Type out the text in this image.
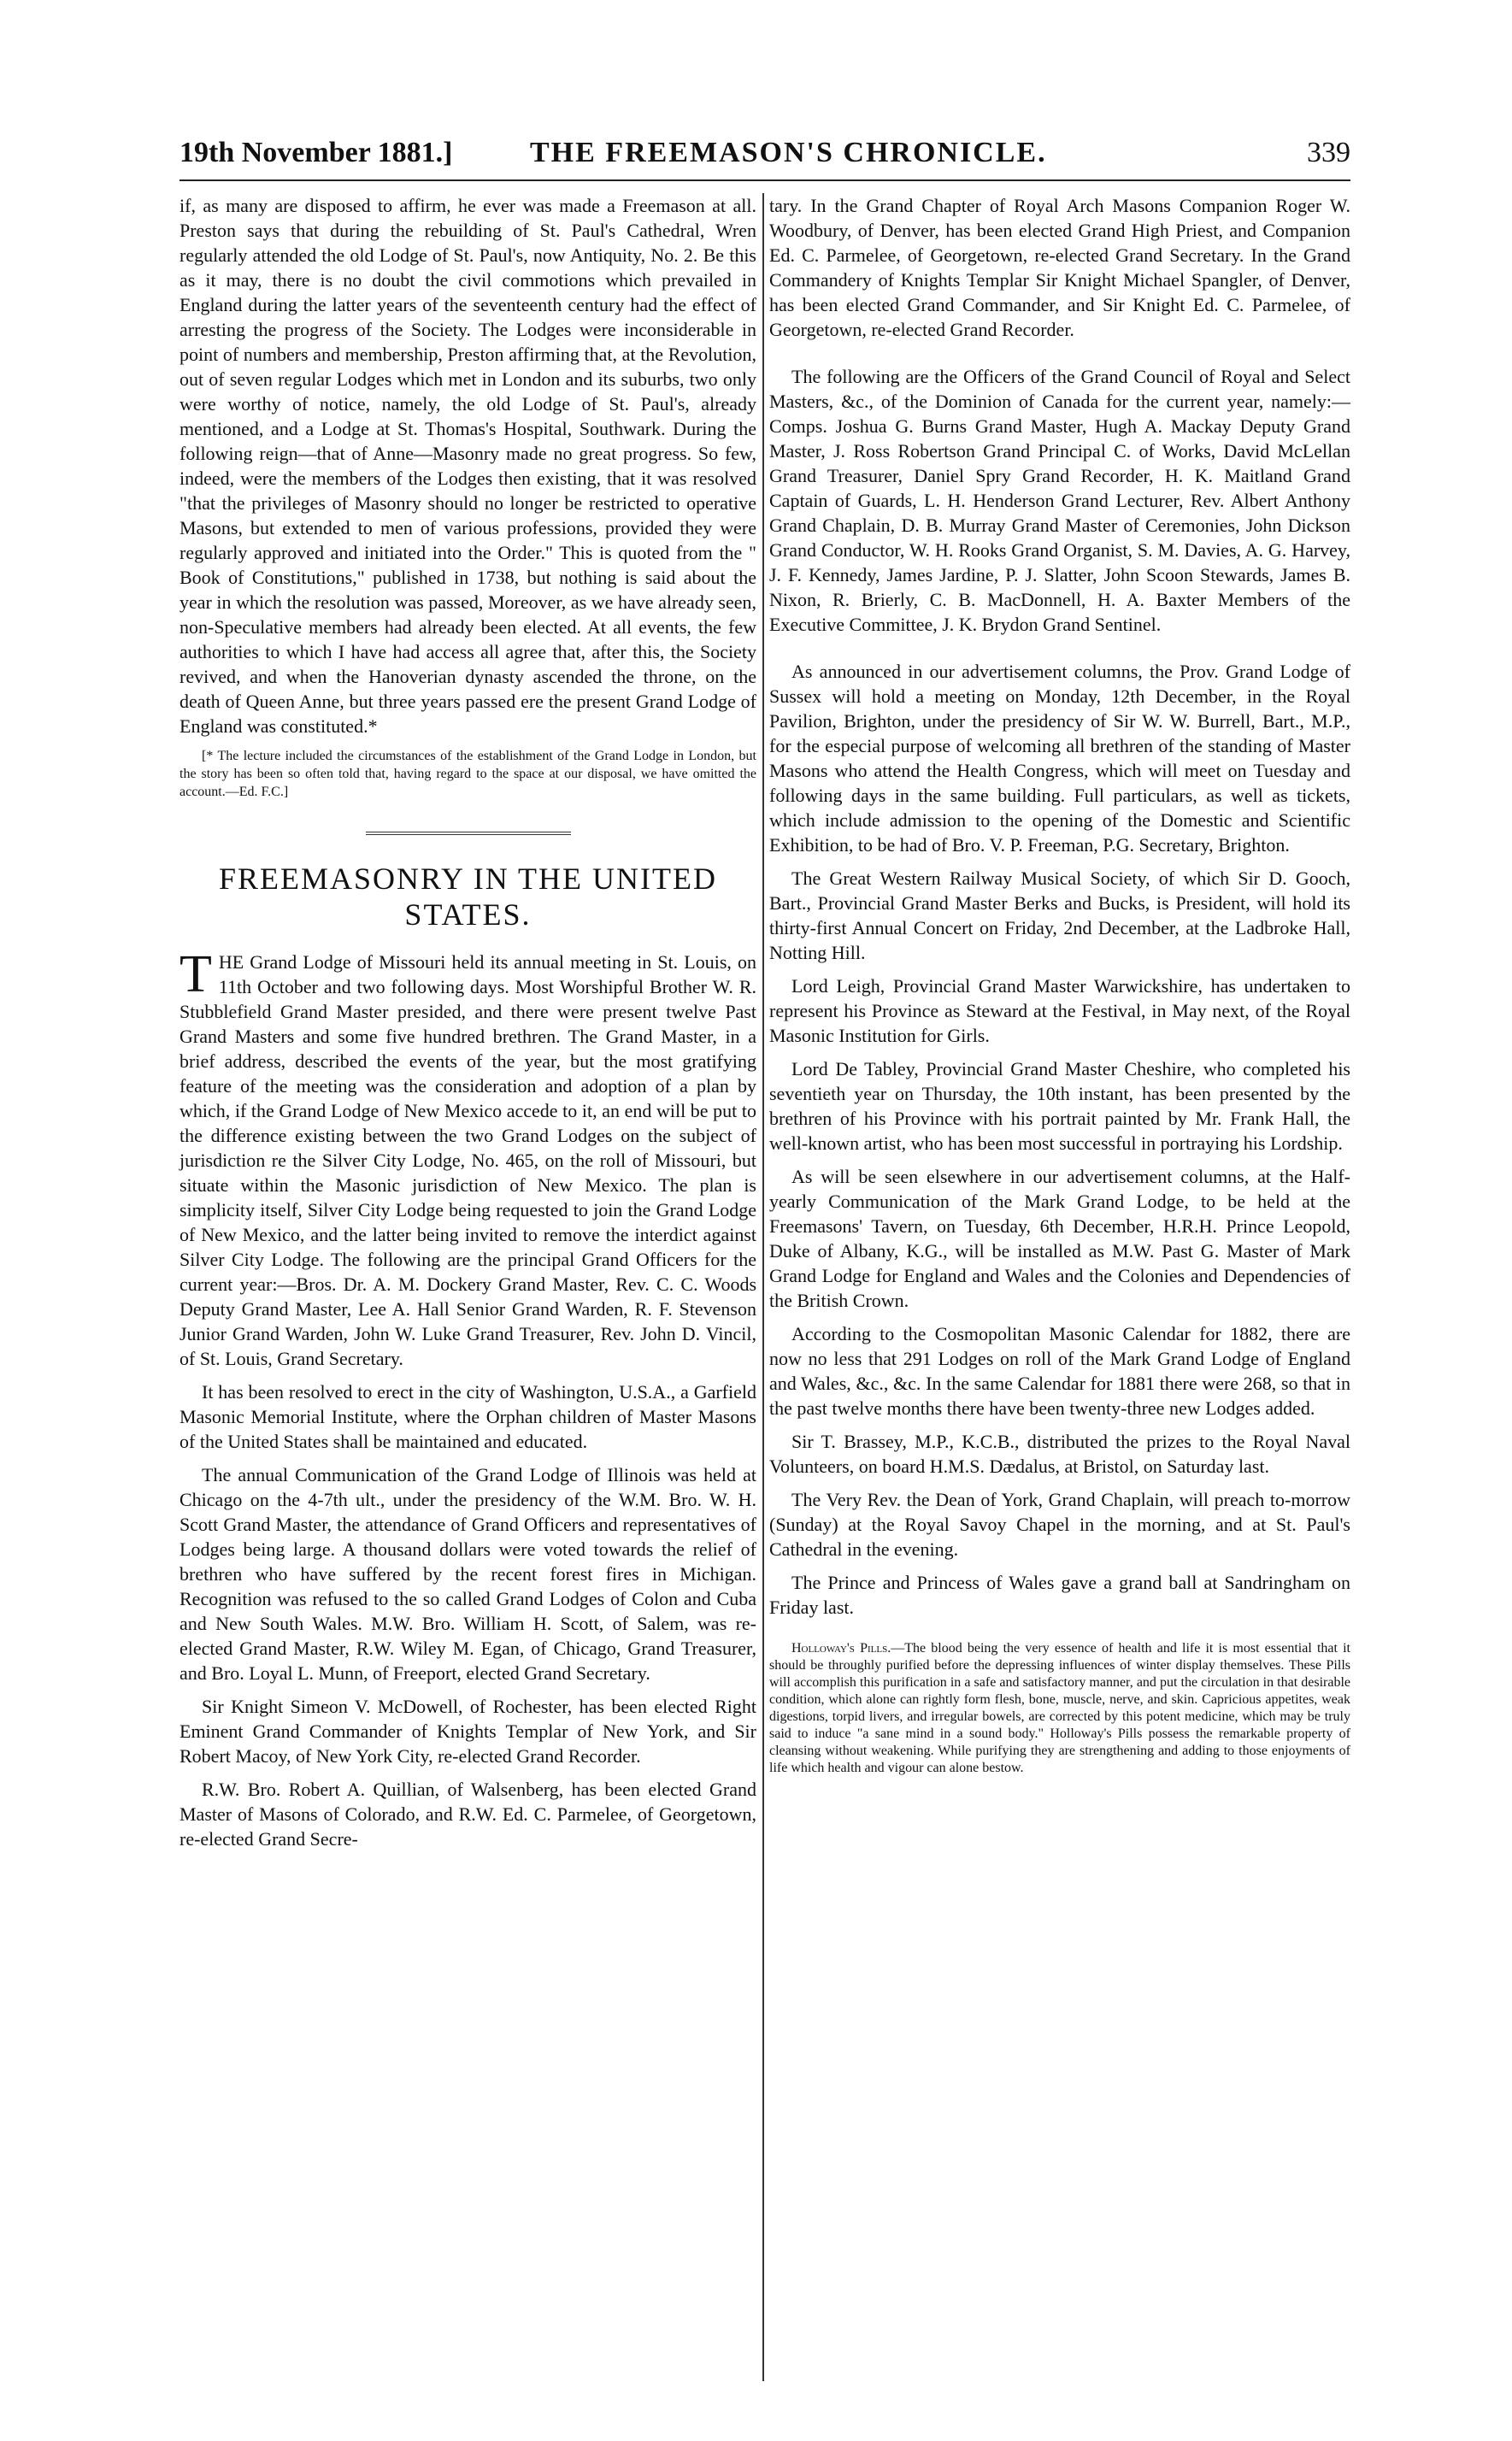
19th November 1881.]	THE FREEMASON'S CHRONICLE.	339

if, as many are disposed to affirm, he ever was made a Freemason at all. Preston says that during the rebuilding of St. Paul's Cathedral, Wren regularly attended the old Lodge of St. Paul's, now Antiquity, No. 2. Be this as it may, there is no doubt the civil commotions which prevailed in England during the latter years of the seventeenth century had the effect of arresting the progress of the Society. The Lodges were inconsiderable in point of numbers and membership, Preston affirming that, at the Revolution, out of seven regular Lodges which met in London and its suburbs, two only were worthy of notice, namely, the old Lodge of St. Paul's, already mentioned, and a Lodge at St. Thomas's Hospital, Southwark. During the following reign—that of Anne—Masonry made no great progress. So few, indeed, were the members of the Lodges then existing, that it was resolved "that the privileges of Masonry should no longer be restricted to operative Masons, but extended to men of various professions, provided they were regularly approved and initiated into the Order." This is quoted from the " Book of Constitutions," published in 1738, but nothing is said about the year in which the resolution was passed, Moreover, as we have already seen, non-Speculative members had already been elected. At all events, the few authorities to which I have had access all agree that, after this, the Society revived, and when the Hanoverian dynasty ascended the throne, on the death of Queen Anne, but three years passed ere the present Grand Lodge of England was constituted.*

[* The lecture included the circumstances of the establishment of the Grand Lodge in London, but the story has been so often told that, having regard to the space at our disposal, we have omitted the account.—Ed. F.C.]

FREEMASONRY IN THE UNITED STATES.

THE Grand Lodge of Missouri held its annual meeting in St. Louis, on 11th October and two following days. Most Worshipful Brother W. R. Stubblefield Grand Master presided, and there were present twelve Past Grand Masters and some five hundred brethren. The Grand Master, in a brief address, described the events of the year, but the most gratifying feature of the meeting was the consideration and adoption of a plan by which, if the Grand Lodge of New Mexico accede to it, an end will be put to the difference existing between the two Grand Lodges on the subject of jurisdiction re the Silver City Lodge, No. 465, on the roll of Missouri, but situate within the Masonic jurisdiction of New Mexico. The plan is simplicity itself, Silver City Lodge being requested to join the Grand Lodge of New Mexico, and the latter being invited to remove the interdict against Silver City Lodge. The following are the principal Grand Officers for the current year:—Bros. Dr. A. M. Dockery Grand Master, Rev. C. C. Woods Deputy Grand Master, Lee A. Hall Senior Grand Warden, R. F. Stevenson Junior Grand Warden, John W. Luke Grand Treasurer, Rev. John D. Vincil, of St. Louis, Grand Secretary.

It has been resolved to erect in the city of Washington, U.S.A., a Garfield Masonic Memorial Institute, where the Orphan children of Master Masons of the United States shall be maintained and educated.

The annual Communication of the Grand Lodge of Illinois was held at Chicago on the 4-7th ult., under the presidency of the W.M. Bro. W. H. Scott Grand Master, the attendance of Grand Officers and representatives of Lodges being large. A thousand dollars were voted towards the relief of brethren who have suffered by the recent forest fires in Michigan. Recognition was refused to the so called Grand Lodges of Colon and Cuba and New South Wales. M.W. Bro. William H. Scott, of Salem, was re-elected Grand Master, R.W. Wiley M. Egan, of Chicago, Grand Treasurer, and Bro. Loyal L. Munn, of Freeport, elected Grand Secretary.

Sir Knight Simeon V. McDowell, of Rochester, has been elected Right Eminent Grand Commander of Knights Templar of New York, and Sir Robert Macoy, of New York City, re-elected Grand Recorder.

R.W. Bro. Robert A. Quillian, of Walsenberg, has been elected Grand Master of Masons of Colorado, and R.W. Ed. C. Parmelee, of Georgetown, re-elected Grand Secre-

tary. In the Grand Chapter of Royal Arch Masons Companion Roger W. Woodbury, of Denver, has been elected Grand High Priest, and Companion Ed. C. Parmelee, of Georgetown, re-elected Grand Secretary. In the Grand Commandery of Knights Templar Sir Knight Michael Spangler, of Denver, has been elected Grand Commander, and Sir Knight Ed. C. Parmelee, of Georgetown, re-elected Grand Recorder.

The following are the Officers of the Grand Council of Royal and Select Masters, &c., of the Dominion of Canada for the current year, namely:—Comps. Joshua G. Burns Grand Master, Hugh A. Mackay Deputy Grand Master, J. Ross Robertson Grand Principal C. of Works, David McLellan Grand Treasurer, Daniel Spry Grand Recorder, H. K. Maitland Grand Captain of Guards, L. H. Henderson Grand Lecturer, Rev. Albert Anthony Grand Chaplain, D. B. Murray Grand Master of Ceremonies, John Dickson Grand Conductor, W. H. Rooks Grand Organist, S. M. Davies, A. G. Harvey, J. F. Kennedy, James Jardine, P. J. Slatter, John Scoon Stewards, James B. Nixon, R. Brierly, C. B. MacDonnell, H. A. Baxter Members of the Executive Committee, J. K. Brydon Grand Sentinel.

As announced in our advertisement columns, the Prov. Grand Lodge of Sussex will hold a meeting on Monday, 12th December, in the Royal Pavilion, Brighton, under the presidency of Sir W. W. Burrell, Bart., M.P., for the especial purpose of welcoming all brethren of the standing of Master Masons who attend the Health Congress, which will meet on Tuesday and following days in the same building. Full particulars, as well as tickets, which include admission to the opening of the Domestic and Scientific Exhibition, to be had of Bro. V. P. Freeman, P.G. Secretary, Brighton.

The Great Western Railway Musical Society, of which Sir D. Gooch, Bart., Provincial Grand Master Berks and Bucks, is President, will hold its thirty-first Annual Concert on Friday, 2nd December, at the Ladbroke Hall, Notting Hill.

Lord Leigh, Provincial Grand Master Warwickshire, has undertaken to represent his Province as Steward at the Festival, in May next, of the Royal Masonic Institution for Girls.

Lord De Tabley, Provincial Grand Master Cheshire, who completed his seventieth year on Thursday, the 10th instant, has been presented by the brethren of his Province with his portrait painted by Mr. Frank Hall, the well-known artist, who has been most successful in portraying his Lordship.

As will be seen elsewhere in our advertisement columns, at the Half-yearly Communication of the Mark Grand Lodge, to be held at the Freemasons' Tavern, on Tuesday, 6th December, H.R.H. Prince Leopold, Duke of Albany, K.G., will be installed as M.W. Past G. Master of Mark Grand Lodge for England and Wales and the Colonies and Dependencies of the British Crown.

According to the Cosmopolitan Masonic Calendar for 1882, there are now no less that 291 Lodges on roll of the Mark Grand Lodge of England and Wales, &c., &c. In the same Calendar for 1881 there were 268, so that in the past twelve months there have been twenty-three new Lodges added.

Sir T. Brassey, M.P., K.C.B., distributed the prizes to the Royal Naval Volunteers, on board H.M.S. Dædalus, at Bristol, on Saturday last.

The Very Rev. the Dean of York, Grand Chaplain, will preach to-morrow (Sunday) at the Royal Savoy Chapel in the morning, and at St. Paul's Cathedral in the evening.

The Prince and Princess of Wales gave a grand ball at Sandringham on Friday last.

Holloway's Pills.—The blood being the very essence of health and life it is most essential that it should be throughly purified before the depressing influences of winter display themselves. These Pills will accomplish this purification in a safe and satisfactory manner, and put the circulation in that desirable condition, which alone can rightly form flesh, bone, muscle, nerve, and skin. Capricious appetites, weak digestions, torpid livers, and irregular bowels, are corrected by this potent medicine, which may be truly said to induce "a sane mind in a sound body." Holloway's Pills possess the remarkable property of cleansing without weakening. While purifying they are strengthening and adding to those enjoyments of life which health and vigour can alone bestow.
